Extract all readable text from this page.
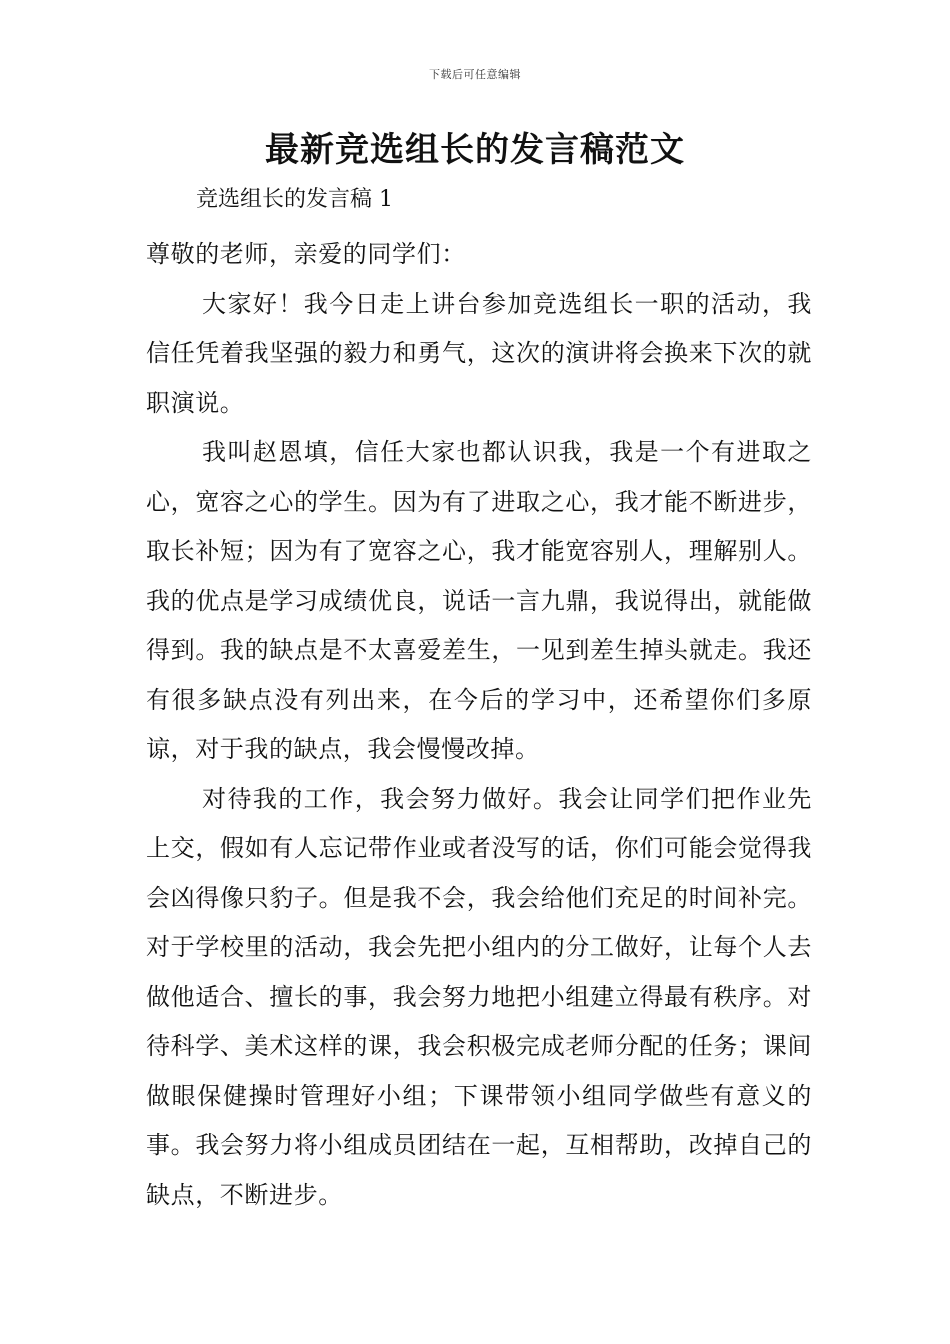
下载后可任意编辑
最新竞选组长的发言稿范文

竞选组长的发言稿 1

尊敬的老师，亲爱的同学们：

大家好！我今日走上讲台参加竞选组长一职的活动，我信任凭着我坚强的毅力和勇气，这次的演讲将会换来下次的就职演说。

我叫赵恩填，信任大家也都认识我，我是一个有进取之心，宽容之心的学生。因为有了进取之心，我才能不断进步，取长补短；因为有了宽容之心，我才能宽容别人，理解别人。我的优点是学习成绩优良，说话一言九鼎，我说得出，就能做得到。我的缺点是不太喜爱差生，一见到差生掉头就走。我还有很多缺点没有列出来，在今后的学习中，还希望你们多原谅，对于我的缺点，我会慢慢改掉。

对待我的工作，我会努力做好。我会让同学们把作业先上交，假如有人忘记带作业或者没写的话，你们可能会觉得我会凶得像只豹子。但是我不会，我会给他们充足的时间补完。对于学校里的活动，我会先把小组内的分工做好，让每个人去做他适合、擅长的事，我会努力地把小组建立得最有秩序。对待科学、美术这样的课，我会积极完成老师分配的任务；课间做眼保健操时管理好小组；下课带领小组同学做些有意义的事。我会努力将小组成员团结在一起，互相帮助，改掉自己的缺点，不断进步。
